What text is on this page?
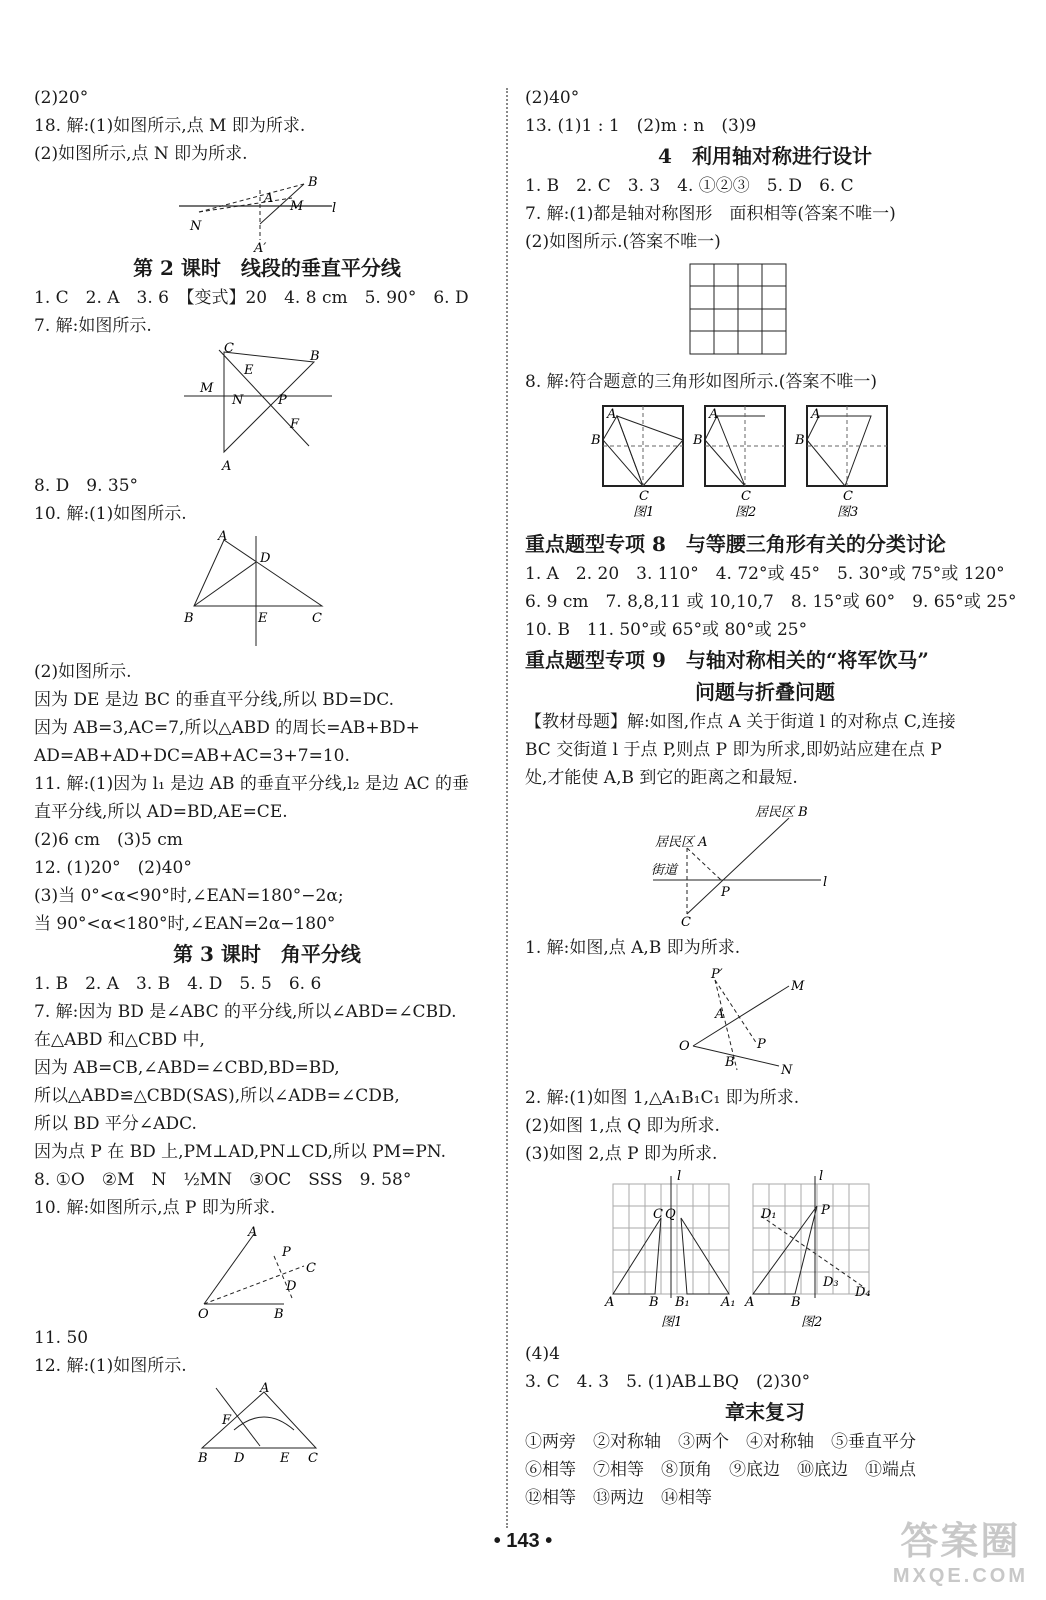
(2)20°
18. 解:(1)如图所示,点 M 即为所求.
(2)如图所示,点 N 即为所求.
B
A
M
N
A′
l
第 2 课时　线段的垂直平分线
1. C　2. A　3. 6　【变式】20　4. 8 cm　5. 90°　6. D
7. 解:如图所示.
C
B
E
M
N	P
F
A
8. D　9. 35°
10. 解:(1)如图所示.
A
D
B	E	C
(2)如图所示.
因为 DE 是边 BC 的垂直平分线,所以 BD=DC.
因为 AB=3,AC=7,所以△ABD 的周长=AB+BD+
AD=AB+AD+DC=AB+AC=3+7=10.
11. 解:(1)因为 l₁ 是边 AB 的垂直平分线,l₂ 是边 AC 的垂
直平分线,所以 AD=BD,AE=CE.
(2)6 cm　(3)5 cm
12. (1)20°　(2)40°
(3)当 0°<α<90°时,∠EAN=180°−2α;
当 90°<α<180°时,∠EAN=2α−180°
第 3 课时　角平分线
1. B　2. A　3. B　4. D　5. 5　6. 6
7. 解:因为 BD 是∠ABC 的平分线,所以∠ABD=∠CBD.
在△ABD 和△CBD 中,
因为 AB=CB,∠ABD=∠CBD,BD=BD,
所以△ABD≌△CBD(SAS),所以∠ADB=∠CDB,
所以 BD 平分∠ADC.
因为点 P 在 BD 上,PM⊥AD,PN⊥CD,所以 PM=PN.
8. ①O　②M　N　½MN　③OC　SSS　9. 58°
10. 解:如图所示,点 P 即为所求.
A
O	B
P
C
D
11. 50
12. 解:(1)如图所示.
A
F
B D	E C
(2)40°
13. (1)1 : 1　(2)m : n　(3)9
4　利用轴对称进行设计
1. B　2. C　3. 3　4. ①②③　5. D　6. C
7. 解:(1)都是轴对称图形　面积相等(答案不唯一)
(2)如图所示.(答案不唯一)
8. 解:符合题意的三角形如图所示.(答案不唯一)
A
B
C
A
B
C
A
B
C
图1	图2	图3
重点题型专项 8　与等腰三角形有关的分类讨论
1. A　2. 20　3. 110°　4. 72°或 45°　5. 30°或 75°或 120°
6. 9 cm　7. 8,8,11 或 10,10,7　8. 15°或 60°　9. 65°或 25°
10. B　11. 50°或 65°或 80°或 25°
重点题型专项 9　与轴对称相关的“将军饮马”
问题与折叠问题
【教材母题】解:如图,作点 A 关于街道 l 的对称点 C,连接
BC 交街道 l 于点 P,则点 P 即为所求,即奶站应建在点 P
处,才能使 A,B 到它的距离之和最短.
居民区 B
居民区 A
街道
P
C
l
1. 解:如图,点 A,B 即为所求.
P′
M
A
P
O
B
N
2. 解:(1)如图 1,△A₁B₁C₁ 即为所求.
(2)如图 1,点 Q 即为所求.
(3)如图 2,点 P 即为所求.
l	l
A	B B₁ A₁ A	B
C Q	D₁	P
D₃
D₄
图1	图2
(4)4
3. C　4. 3　5. (1)AB⊥BQ　(2)30°
章末复习
①两旁　②对称轴　③两个　④对称轴　⑤垂直平分
⑥相等　⑦相等　⑧顶角　⑨底边　⑩底边　⑪端点
⑫相等　⑬两边　⑭相等
• 143 •	答案圈
MXQE.COM
